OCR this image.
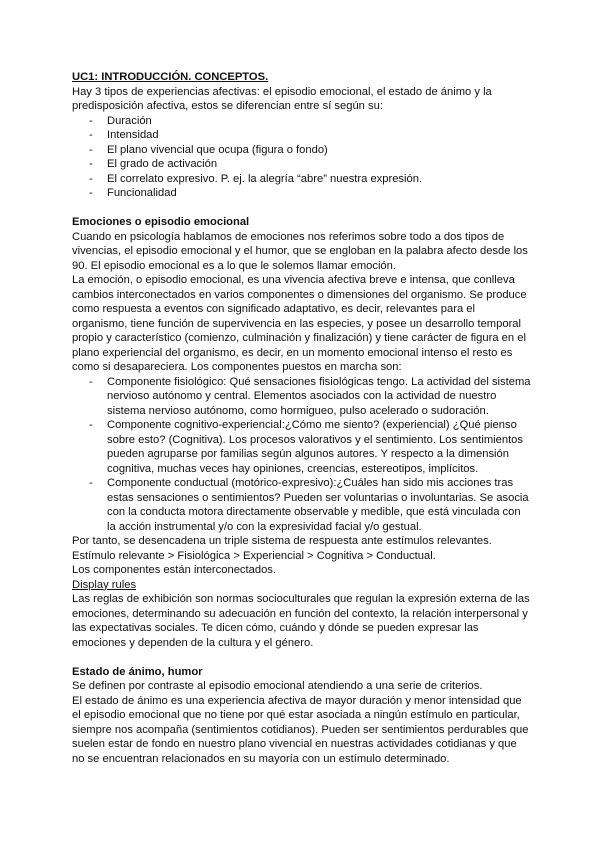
UC1: INTRODUCCIÓN. CONCEPTOS.

Hay 3 tipos de experiencias afectivas: el episodio emocional, el estado de ánimo y la predisposición afectiva, estos se diferencian entre sí según su:

- Duración
- Intensidad
- El plano vivencial que ocupa (figura o fondo)
- El grado de activación
- El correlato expresivo. P. ej. la alegría “abre” nuestra expresión.
- Funcionalidad

Emociones o episodio emocional

Cuando en psicología hablamos de emociones nos referimos sobre todo a dos tipos de vivencias, el episodio emocional y el humor, que se engloban en la palabra afecto desde los 90. El episodio emocional es a lo que le solemos llamar emoción.

La emoción, o episodio emocional, es una vivencia afectiva breve e intensa, que conlleva cambios interconectados en varios componentes o dimensiones del organismo. Se produce como respuesta a eventos con significado adaptativo, es decir, relevantes para el organismo, tiene función de supervivencia en las especies, y posee un desarrollo temporal propio y característico (comienzo, culminación y finalización) y tiene carácter de figura en el plano experiencial del organismo, es decir, en un momento emocional intenso el resto es como si desapareciera. Los componentes puestos en marcha son:

- Componente fisiológico: Qué sensaciones fisiológicas tengo. La actividad del sistema nervioso autónomo y central. Elementos asociados con la actividad de nuestro sistema nervioso autónomo, como hormigueo, pulso acelerado o sudoración.
- Componente cognitivo-experiencial:¿Cómo me siento? (experiencial) ¿Qué pienso sobre esto? (Cognitiva). Los procesos valorativos y el sentimiento. Los sentimientos pueden agruparse por familias según algunos autores. Y respecto a la dimensión cognitiva, muchas veces hay opiniones, creencias, estereotipos, implícitos.
- Componente conductual (motórico-expresivo):¿Cuáles han sido mis acciones tras estas sensaciones o sentimientos? Pueden ser voluntarias o involuntarias. Se asocia con la conducta motora directamente observable y medible, que está vinculada con la acción instrumental y/o con la expresividad facial y/o gestual.

Por tanto, se desencadena un triple sistema de respuesta ante estímulos relevantes.

Estímulo relevante > Fisiológica > Experiencial > Cognitiva > Conductual.

Los componentes están interconectados.

Display rules

Las reglas de exhibición son normas socioculturales que regulan la expresión externa de las emociones, determinando su adecuación en función del contexto, la relación interpersonal y las expectativas sociales. Te dicen cómo, cuándo y dónde se pueden expresar las emociones y dependen de la cultura y el género.

Estado de ánimo, humor

Se definen por contraste al episodio emocional atendiendo a una serie de criterios.

El estado de ánimo es una experiencia afectiva de mayor duración y menor intensidad que el episodio emocional que no tiene por qué estar asociada a ningún estímulo en particular, siempre nos acompaña (sentimientos cotidianos). Pueden ser sentimientos perdurables que suelen estar de fondo en nuestro plano vivencial en nuestras actividades cotidianas y que no se encuentran relacionados en su mayoría con un estímulo determinado.
